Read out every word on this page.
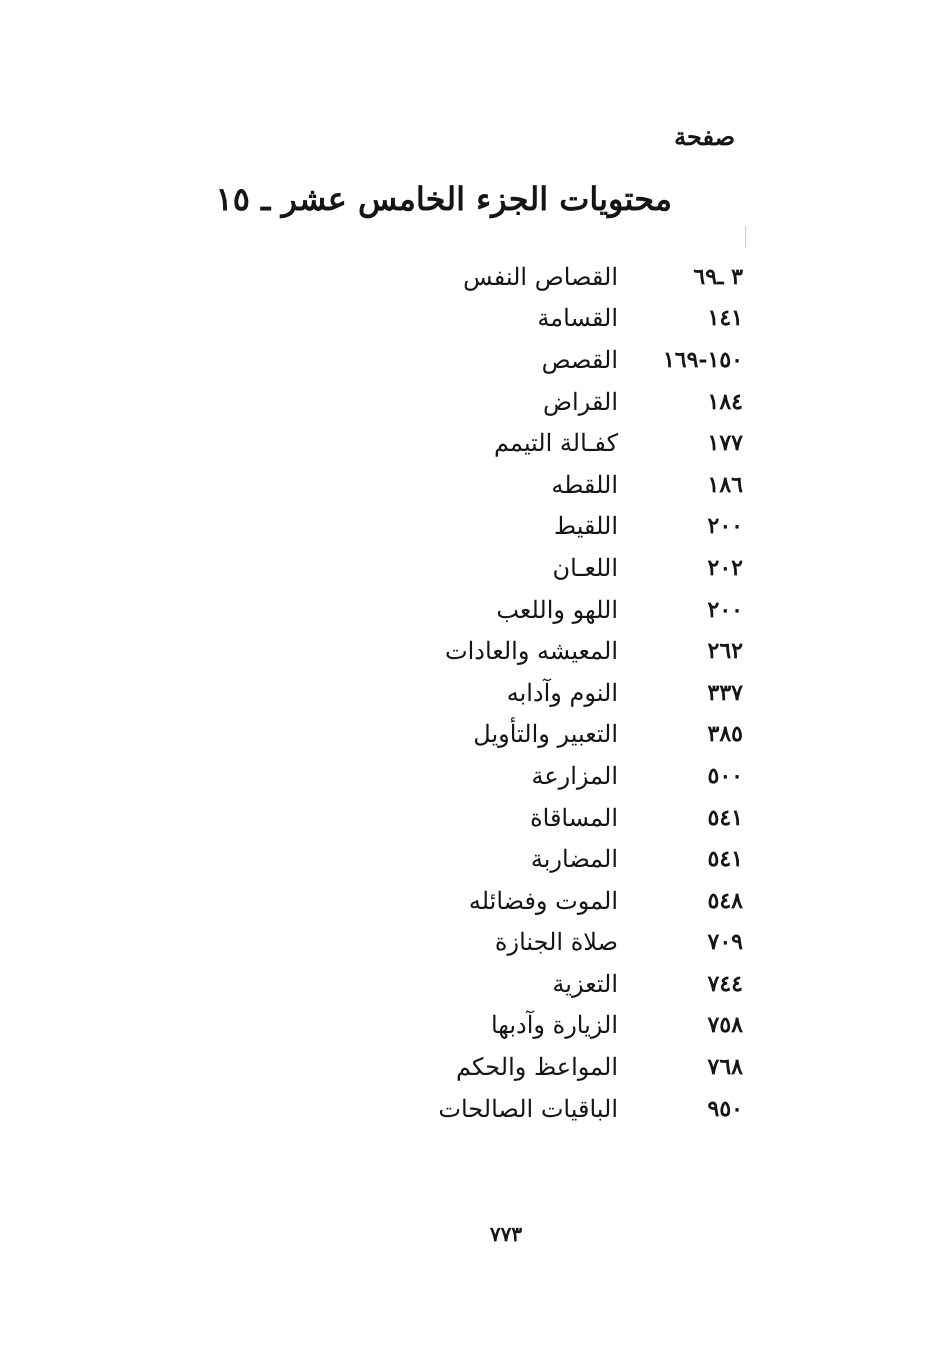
صفحة
محتويات الجزء الخامس عشر ـ ١٥
٣ ـ٦٩
القصاص النفس
١٤١
القسامة
١٥٠-١٦٩
القصص
١٨٤
القراض
١٧٧
كفـالة التيمم
١٨٦
اللقطه
٢٠٠
اللقيط
٢٠٢
اللعـان
٢٠٠
اللهو واللعب
٢٦٢
المعيشه والعادات
٣٣٧
النوم وآدابه
٣٨٥
التعبير والتأويل
٥٠٠
المزارعة
٥٤١
المساقاة
٥٤١
المضاربة
٥٤٨
الموت وفضائله
٧٠٩
صلاة الجنازة
٧٤٤
التعزية
٧٥٨
الزيارة وآدبها
٧٦٨
المواعظ والحكم
٩٥٠
الباقيات الصالحات
٧٧٣
